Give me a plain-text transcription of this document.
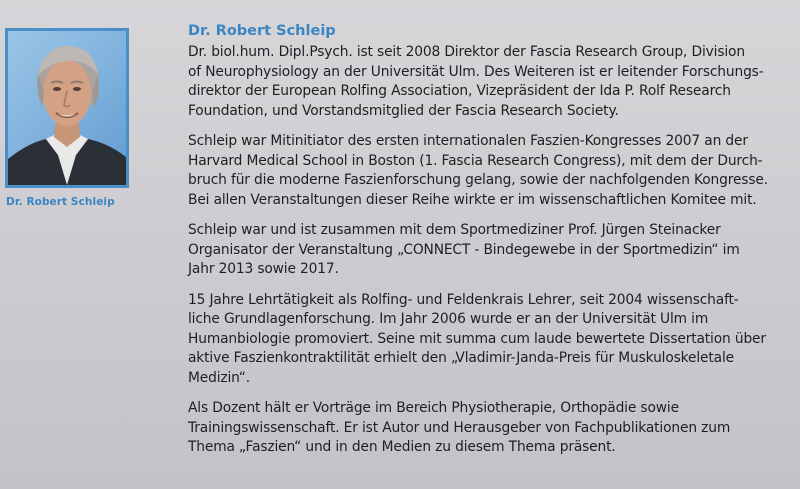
Dr. Robert Schleip
Dr. Robert Schleip

Dr. biol.hum. Dipl.Psych. ist seit 2008 Direktor der Fascia Research Group, Division
of Neurophysiology an der Universität Ulm. Des Weiteren ist er leitender Forschungs-
direktor der European Rolfing Association, Vizepräsident der Ida P. Rolf Research
Foundation, und Vorstandsmitglied der Fascia Research Society.

Schleip war Mitinitiator des ersten internationalen Faszien-Kongresses 2007 an der
Harvard Medical School in Boston (1. Fascia Research Congress), mit dem der Durch-
bruch für die moderne Faszienforschung gelang, sowie der nachfolgenden Kongresse.
Bei allen Veranstaltungen dieser Reihe wirkte er im wissenschaftlichen Komitee mit.

Schleip war und ist zusammen mit dem Sportmediziner Prof. Jürgen Steinacker
Organisator der Veranstaltung „CONNECT - Bindegewebe in der Sportmedizin“ im
Jahr 2013 sowie 2017.

15 Jahre Lehrtätigkeit als Rolfing- und Feldenkrais Lehrer, seit 2004 wissenschaft-
liche Grundlagenforschung. Im Jahr 2006 wurde er an der Universität Ulm im
Humanbiologie promoviert. Seine mit summa cum laude bewertete Dissertation über
aktive Faszienkontraktilität erhielt den „Vladimir-Janda-Preis für Muskuloskeletale
Medizin“.

Als Dozent hält er Vorträge im Bereich Physiotherapie, Orthopädie sowie
Trainingswissenschaft. Er ist Autor und Herausgeber von Fachpublikationen zum
Thema „Faszien“ und in den Medien zu diesem Thema präsent.
